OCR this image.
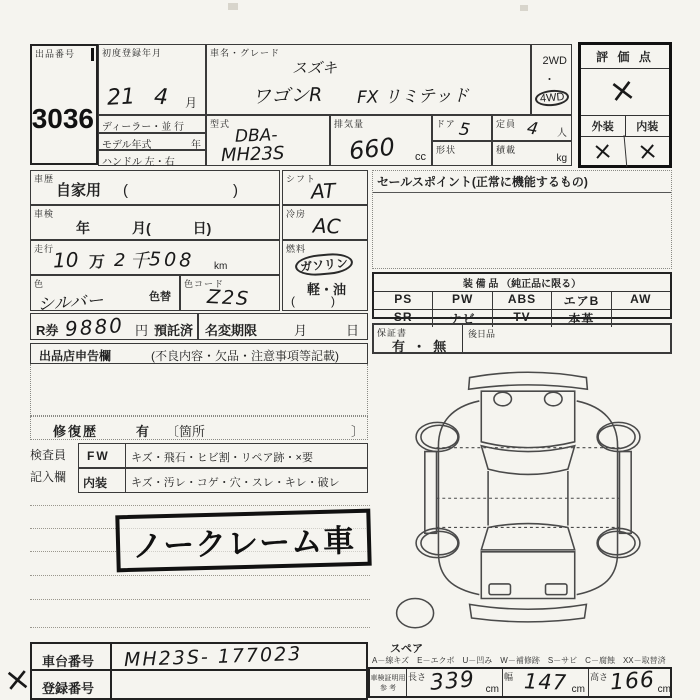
出品番号
3036
初度登録年月
21 4 月
ディーラー・並 行
モデル年式	年
ハンドル 左・右
車名・グレード
スズキ
ワゴンR FX リミテッド
2WD
・
4WD
型式
DBA-
MH23S
排気量
660 cc
ドア 5	定員 4 人
形状	積載
kg
評 価 点
×
外装	内装
× ×
車歴
自家用 (　　　　　　　)
車検
年　　　月(　　　日)
走行
10 万 2 千 508 km
色
シルバー	色替
色コード
Z2S
シフト
AT
冷房 AC
燃料
ガソリン
軽・油
(　　　)
R券 9880 円 預託済 名変期限	月	日
出品店申告欄	(不良内容・欠品・注意事項等記載)
修復歴	有 〔箇所	〕
検査員
記入欄
FW キズ・飛石・ヒビ割・リペア跡・×要
内装 キズ・汚レ・コゲ・穴・スレ・キレ・破レ
ノークレーム車
車台番号 MH23S- 177023
登録番号
セールスポイント(正常に機能するもの)
装 備 品 （純正品に限る）
PS	PW	ABS	エアB	AW
SR	ナビ	TV	本革
保証書
有 ・ 無
後日品
スペア
A－線キズ　E－エクボ　U－凹み　W－補修跡　S－サビ　C－腐蝕　XX－取替済
車検証明用
参 考
長さ 339 cm
幅 147 cm
高さ 166 cm
×
